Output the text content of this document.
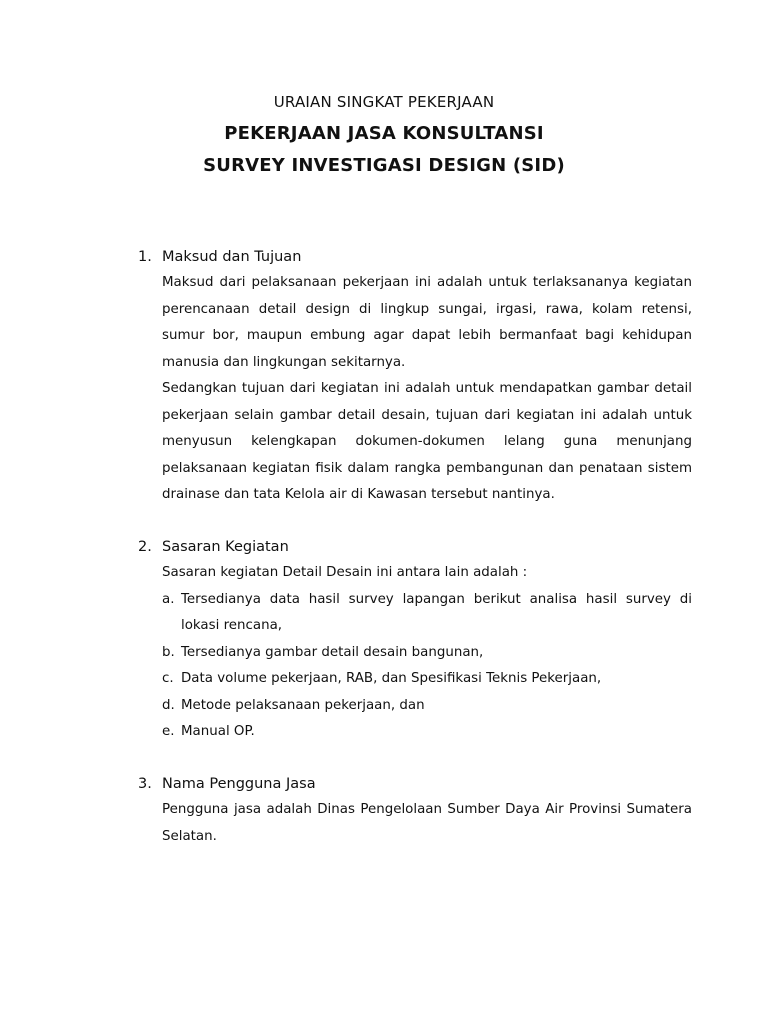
URAIAN SINGKAT PEKERJAAN
PEKERJAAN JASA KONSULTANSI
SURVEY INVESTIGASI DESIGN (SID)
1. Maksud dan Tujuan

Maksud dari pelaksanaan pekerjaan ini adalah untuk terlaksananya kegiatan perencanaan detail design di lingkup sungai, irgasi, rawa, kolam retensi, sumur bor, maupun embung agar dapat lebih bermanfaat bagi kehidupan manusia dan lingkungan sekitarnya.

Sedangkan tujuan dari kegiatan ini adalah untuk mendapatkan gambar detail pekerjaan selain gambar detail desain, tujuan dari kegiatan ini adalah untuk menyusun kelengkapan dokumen-dokumen lelang guna menunjang pelaksanaan kegiatan fisik dalam rangka pembangunan dan penataan sistem drainase dan tata Kelola air di Kawasan tersebut nantinya.

2. Sasaran Kegiatan

Sasaran kegiatan Detail Desain ini antara lain adalah :

a. Tersedianya data hasil survey lapangan berikut analisa hasil survey di lokasi rencana,
b. Tersedianya gambar detail desain bangunan,
c. Data volume pekerjaan, RAB, dan Spesifikasi Teknis Pekerjaan,
d. Metode pelaksanaan pekerjaan, dan
e. Manual OP.
3. Nama Pengguna Jasa

Pengguna jasa adalah Dinas Pengelolaan Sumber Daya Air Provinsi Sumatera Selatan.
